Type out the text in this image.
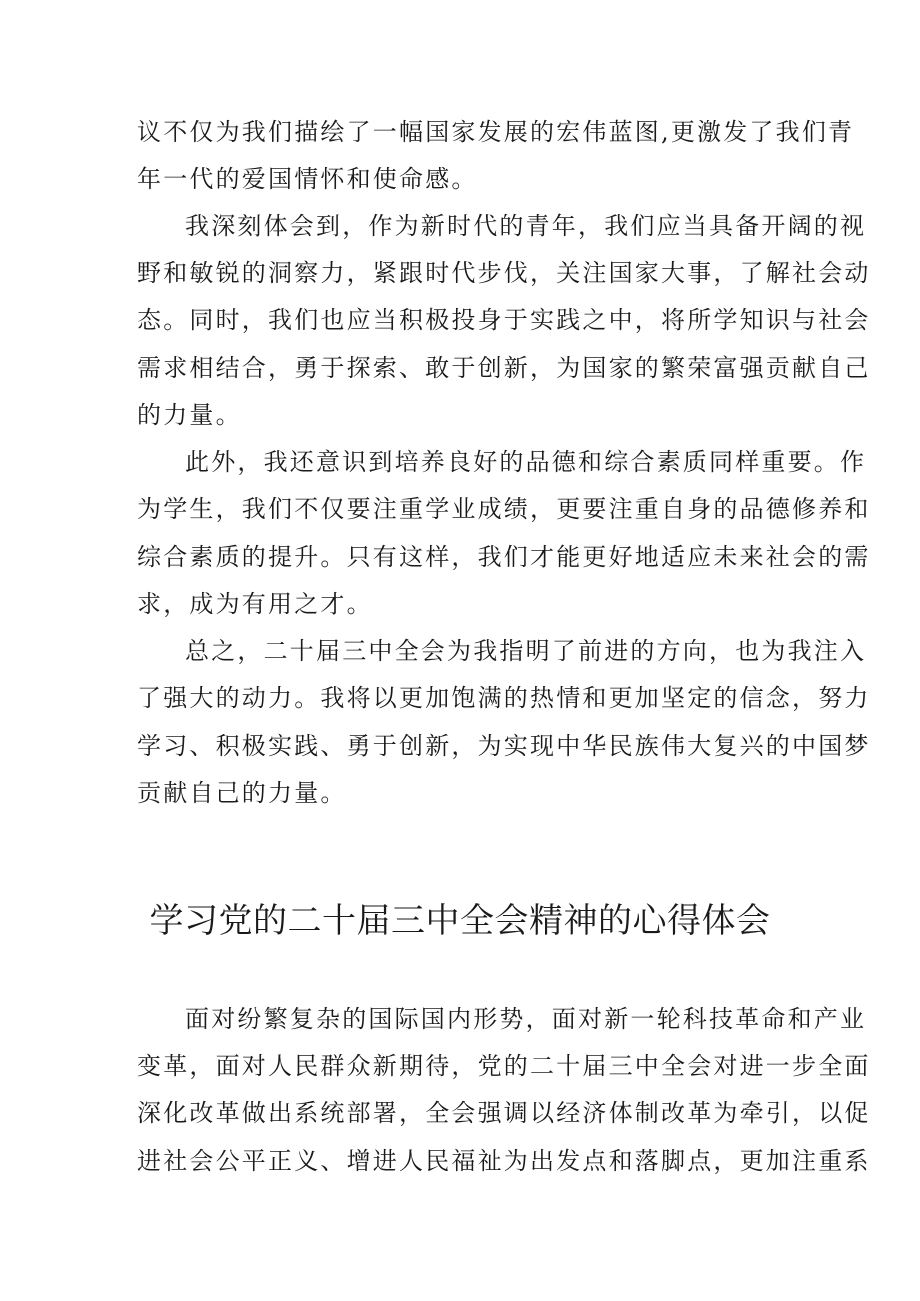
议不仅为我们描绘了一幅国家发展的宏伟蓝图,更激发了我们青
年一代的爱国情怀和使命感。
我深刻体会到，作为新时代的青年，我们应当具备开阔的视
野和敏锐的洞察力，紧跟时代步伐，关注国家大事，了解社会动
态。同时，我们也应当积极投身于实践之中，将所学知识与社会
需求相结合，勇于探索、敢于创新，为国家的繁荣富强贡献自己
的力量。
此外，我还意识到培养良好的品德和综合素质同样重要。作
为学生，我们不仅要注重学业成绩，更要注重自身的品德修养和
综合素质的提升。只有这样，我们才能更好地适应未来社会的需
求，成为有用之才。
总之，二十届三中全会为我指明了前进的方向，也为我注入
了强大的动力。我将以更加饱满的热情和更加坚定的信念，努力
学习、积极实践、勇于创新，为实现中华民族伟大复兴的中国梦
贡献自己的力量。
学习党的二十届三中全会精神的心得体会
面对纷繁复杂的国际国内形势，面对新一轮科技革命和产业
变革，面对人民群众新期待，党的二十届三中全会对进一步全面
深化改革做出系统部署，全会强调以经济体制改革为牵引，以促
进社会公平正义、增进人民福祉为出发点和落脚点，更加注重系
